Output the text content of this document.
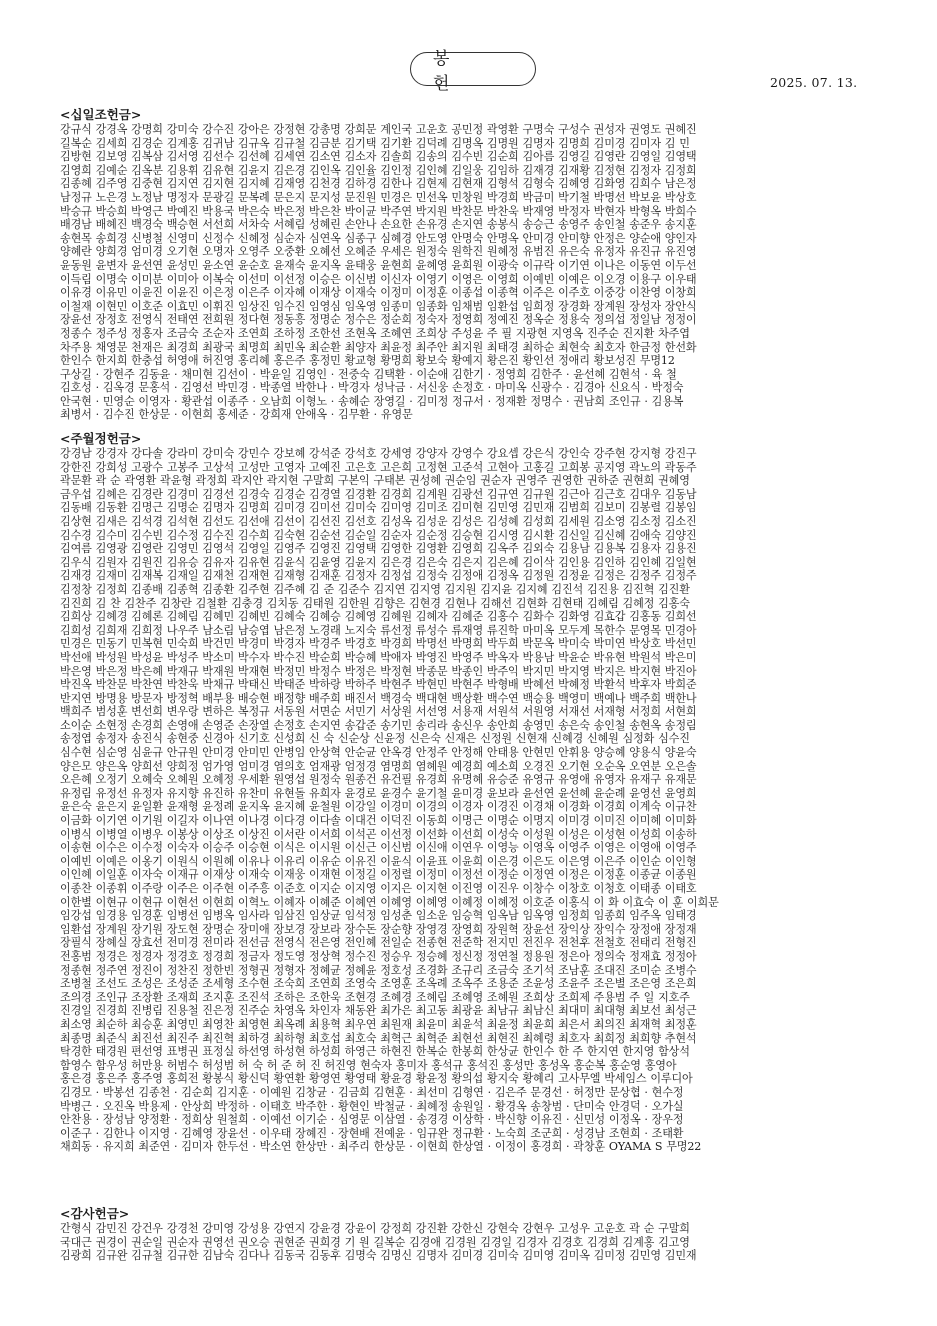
봉 헌	2025. 07. 13.
<십일조헌금>

강규식 강경옥 강명희 강미숙 강수진 강아은 강정현 강총명 강희문 계인국 고운호 공민정 곽영환 구명숙 구성수 권성자 권영도 권혜진

길복순 김세희 김경순 김계홍 김귀남 김규옥 김규철 김금분 김기택 김기환 김덕례 김명옥 김명원 김명자 김명희 김미경 김미자 김 민

김방현 김보영 김복삼 김서영 김선수 김선혜 김세연 김소연 김소자 김솔희 김송의 김수빈 김순희 김아름 김영길 김영란 김영일 김영택

김영희 김예순 김옥분 김용휘 김유현 김윤지 김은경 김인옥 김인율 김인정 김인혜 김일웅 김임하 김재경 김재황 김정현 김정자 김정희

김종혜 김주영 김중현 김지연 김지현 김지혜 김재영 김천경 김하경 김한나 김현제 김현재 김형석 김형숙 김혜영 김화영 김희수 남은정

남정규 노은경 노정남 명정자 문광길 문복례 문은지 문지성 문진원 민경은 민선옥 민창원 박경희 박금미 박기철 박명선 박보윤 박상호

박승규 박승희 박영근 박예진 박용국 박은숙 박은정 박은찬 박이균 박주연 박지원 박찬문 박찬욱 박재영 박정자 박현자 박형옥 박희수

배경남 배혜진 백경숙 백승현 서선희 서차숙 서혜림 성혜린 손안나 손요한 손유경 손지연 송봉식 송승근 송영주 송인철 송준우 송지훈

송현목 송희경 신병철 신영미 신정수 신혜정 심순자 심연옥 심종구 심혜경 안도영 안명숙 안명옥 안미경 안미향 안정은 양순애 양인자

양혜란 양희경 엄미경 오기현 오명자 오영주 오중환 오혜선 오혜준 우세은 원정숙 원학진 원혜정 유범진 유은숙 유정자 유진규 유진영

윤동원 윤변자 윤선연 윤성민 윤소연 윤순호 윤재숙 윤지옥 윤태웅 윤현희 윤혜영 윤희원 이광숙 이규락 이기연 이나은 이동연 이두선

이득림 이명숙 이미분 이미아 이복숙 이선미 이선정 이승은 이신범 이신자 이영기 이영은 이영희 이예빈 이예은 이오경 이용구 이우태

이유경 이유민 이윤진 이윤진 이은정 이은주 이자혜 이재상 이재숙 이정미 이정훈 이종섭 이종혁 이주은 이주호 이중강 이찬영 이창희

이철재 이현민 이호준 이효민 이휘진 임상진 임수진 임영심 임옥영 임종미 임종화 임채범 임환섭 임희정 장경화 장계원 장성자 장안식

장윤선 장정호 전영식 전태연 전희원 정다현 정동흥 정명순 정수은 정순희 정숙자 정영희 정예진 정옥순 정용숙 정의섭 정일남 정정이

정종수 정주성 정홍자 조금숙 조순자 조연희 조하정 조한선 조현옥 조혜연 조희상 주성윤 주 필 지광현 지영옥 진주순 진지환 차주엽

차주용 채영문 천재은 최경희 최광국 최명희 최민옥 최순환 최양자 최윤정 최주안 최지원 최태경 최하순 최현숙 최호자 한금정 한선화

한인수 한지희 한충섭 허영애 허진영 홍리혜 홍은주 홍정민 황교형 황명희 황보숙 황예지 황은진 황인선 정애리 황보성진 무명12

구상길 · 강현주 김동윤 · 채미현 김선이 · 박윤일 김영인 · 전중숙 김택환 · 이순애 김한기 · 정영희 김한주 · 윤선혜 김현석 · 육 철

김호성 · 김옥경 문홍석 · 김영선 박민경 · 박종열 박한나 · 박경자 성낙금 · 서신웅 손정호 · 마미옥 신광수 · 김경아 신요식 · 박정숙

안국현 · 민영순 이영자 · 황관섭 이종주 · 오남희 이형노 · 송혜순 장영길 · 김미정 정규서 · 정재환 정명수 · 권남희 조인규 · 김용복

최병서 · 김수진 한상문 · 이현희 홍세준 · 강희재 안애옥 · 김무환 · 유영문

<주월정헌금>

강경남 강경자 강다솔 강라미 강미숙 강민수 강보혜 강석준 강석호 강세영 강양자 강영수 강요셉 강은식 강인숙 강주현 강지형 강진구

강한진 강희성 고광수 고봉주 고상석 고성만 고영자 고예진 고은호 고은희 고정현 고준석 고현아 고홍길 고희봉 공지영 곽노의 곽동주

곽문환 곽 순 곽영환 곽윤형 곽정희 곽지안 곽지현 구말희 구본익 구태본 권성혜 권순임 권순자 권영주 권영한 권하준 권현희 권혜영

금우섭 김혜은 김경란 김경미 김경선 김경숙 김경순 김경열 김경환 김경희 김계원 김광선 김규연 김규원 김근아 김근호 김대우 김동남

김동배 김동환 김명근 김명순 김명자 김명희 김미경 김미선 김미숙 김미영 김미조 김미현 김민영 김민재 김범희 김보미 김봉렬 김봉임

김상현 김새은 김석경 김석현 김선도 김선애 김선이 김선진 김선호 김성옥 김성운 김성은 김성혜 김성희 김세원 김소영 김소정 김소진

김수경 김수미 김수빈 김수정 김수진 김수희 김숙현 김순선 김순일 김순자 김순정 김승현 김시영 김시환 김신일 김신혜 김애숙 김양진

김여름 김영광 김영란 김영민 김영석 김영일 김영주 김영진 김영택 김영한 김영환 김영희 김옥주 김외숙 김용남 김용복 김용자 김용진

김우식 김원자 김원진 김유승 김유자 김유현 김윤식 김윤영 김윤지 김은경 김은숙 김은지 김은혜 김이삭 김인용 김인하 김인혜 김일현

김재경 김재미 김재복 김재일 김재천 김재현 김재형 김재훈 김정자 김정섭 김정숙 김정애 김정옥 김정원 김정윤 김정은 김정주 김정주

김정창 김정희 김종배 김종혁 김종환 김주현 김주혜 김 준 김준수 김지연 김지영 김지원 김지윤 김지혜 김진석 김진용 김진혁 김진환

김진희 김 찬 김찬주 김창란 김철환 김충경 김치동 김태원 김한원 김향은 김현경 김현나 김해선 김현화 김현태 김혜림 김혜정 김홍숙

김희상 김혜경 김혜론 김혜림 김혜민 김혜빈 김혜숙 김혜승 김혜영 김혜원 김혜자 김혜준 김홍수 김화수 김화영 김효갑 김홍동 김희선

김희성 김희재 김희정 나우주 남소림 남승엽 남은정 노경래 노지숙 류선정 류성수 류재영 류진학 마미옥 모두계 목한수 문영목 민경아

민경은 민동기 민복현 민숙희 박건민 박경미 박경자 박경주 박경호 박경희 박명선 박명희 박두희 박문옥 박미숙 박미연 박상호 박선민

박선애 박성원 박성윤 박성주 박소미 박수자 박수진 박순희 박승혜 박애자 박영진 박영주 박옥자 박용남 박윤순 박유현 박원석 박은미

박은영 박은정 박은혜 박재규 박재원 박재현 박정민 박정수 박정은 박정현 박종문 박종인 박주익 박지민 박지영 박지은 박지현 박진아

박진옥 박찬문 박찬연 박찬욱 박채규 박태신 박태준 박하랑 박하주 박현주 박현민 박현주 박형배 박혜선 박혜정 박환석 박후자 박희준

반지연 방명용 방문자 방정혁 배부용 배승현 배정향 배주희 배진서 백경숙 백대현 백상환 백수연 백승용 백영미 백예나 백주희 백한나

백희주 범성훈 변선희 변우랑 변하은 복정규 서동원 서면순 서민기 서상원 서선영 서용재 서원석 서원영 서재선 서재형 서정희 서현희

소이순 소현정 손경희 손영애 손영준 손장열 손정호 손지연 송갑준 송기민 송리라 송신우 송안희 송영민 송은숙 송인철 송현옥 송정림

송정엽 송정자 송진식 송현중 신경아 신기호 신성희 신 숙 신순상 신윤정 신은숙 신재은 신정원 신현재 신혜경 신혜원 심정화 심수진

심수현 심순영 심윤규 안규원 안미경 안미민 안병임 안상혁 안순균 안옥경 안정주 안정해 안태용 안현민 안휘용 양승혜 양용식 양윤숙

양은모 양은옥 양희선 양희정 엄가영 엄미경 염의호 엄재광 엄정경 염명희 염혜원 예경희 예소희 오경진 오기현 오순옥 오연분 오은솔

오은혜 오정기 오혜숙 오혜원 오혜정 우세환 원영섭 원정숙 원종건 유건필 유경희 유명혜 유승준 유영규 유영애 유영자 유재구 유재문

유정림 유정선 유정자 유지향 유진하 유찬미 유현돌 유희자 윤경로 윤경수 윤기철 윤미경 윤보라 윤선연 윤선혜 윤순례 윤영선 윤영희

윤은숙 윤은지 윤일환 윤재형 윤정례 윤지옥 윤지혜 윤철원 이강일 이경미 이경의 이경자 이경진 이경채 이경화 이경희 이계숙 이규찬

이금화 이기연 이기원 이길자 이나연 이나경 이다경 이다솔 이대건 이덕진 이동희 이명근 이명순 이명지 이미경 이미진 이미혜 이미화

이병식 이병열 이병우 이봉상 이상조 이상진 이서란 이서희 이석곤 이선정 이선화 이선희 이성숙 이성원 이성은 이성현 이성희 이송하

이송현 이수은 이수정 이숙자 이승주 이승현 이식은 이시원 이신근 이신범 이신애 이연우 이영능 이영옥 이영주 이영은 이영애 이영주

이예빈 이예은 이옹기 이원식 이원혜 이유나 이유리 이유순 이유진 이윤식 이윤표 이윤희 이은경 이은도 이은영 이은주 이인순 이인형

이인혜 이일훈 이자숙 이재규 이재상 이재숙 이재웅 이재현 이정길 이정렬 이정미 이정선 이정순 이정연 이정은 이정훈 이종균 이종원

이종찬 이종휘 이주랑 이주은 이주현 이주흥 이준호 이지순 이지영 이지은 이지현 이진영 이진우 이창수 이창호 이청호 이태종 이태호

이한별 이현규 이현규 이현선 이현희 이혁노 이혜자 이혜준 이혜연 이혜영 이혜영 이혜정 이혜정 이호준 이홍식 이 화 이효숙 이 훈 이희문

임강섭 임경용 임경훈 임병선 임병옥 임사라 임삼진 임상균 임석정 임성춘 임소운 임승혁 임옥남 임옥영 임정희 임종희 임주옥 임태경

임환섭 장계원 장기원 장도현 장명순 장미애 장보경 장보라 장수돈 장순향 장영경 장영희 장원혁 장윤선 장익상 장익수 장정애 장정재

장필식 장혜실 장효선 전미경 전미라 전선금 전영식 전은영 전인혜 전일순 전종현 전준학 전지민 전진우 전천후 전철호 전태리 전형진

전홍범 정경은 정경자 정경호 정경희 정금자 정도영 정상혁 정수진 정승우 정승혜 정신정 정연철 정용원 정은아 정의숙 정재효 정정아

정종현 정주연 정진이 정찬진 정한빈 정형권 정형자 정혜균 정혜윤 정호성 조경화 조규리 조금숙 조기석 조남훈 조대진 조미순 조병수

조병철 조선도 조성은 조성준 조세형 조수현 조숙희 조연희 조영숙 조영훈 조옥례 조옥주 조용준 조윤성 조윤주 조은별 조은영 조은희

조의경 조인규 조장환 조재희 조지훈 조진석 조하은 조한욱 조현경 조혜경 조혜림 조혜영 조혜원 조희상 조희제 주용범 주 일 지호주

진경일 진경희 진병림 진용철 진은정 진주순 차영옥 차인자 채동완 최가은 최고동 최광윤 최남규 최남신 최대미 최대형 최보선 최성근

최소영 최순하 최승훈 최영민 최영찬 최영현 최옥례 최용혁 최우연 최원재 최윤미 최윤석 최윤정 최윤희 최은서 최의진 최재혁 최정훈

최종명 최준식 최진선 최진주 최진혁 최하경 최하형 최호섭 최호숙 최혁근 최혁준 최현선 최현진 최혜령 최호자 최희정 최희향 추현석

탁경한 태경원 편선영 표병권 표정실 하선영 하성현 하성희 하영근 하현진 한복순 한봉희 한상균 한인수 한 주 한지연 한지영 함상석

함영수 함우성 허만용 허범수 허성범 허 숙 허 준 허 진 허진영 현숙자 홍미자 홍석규 홍석진 홍성만 홍성옥 홍순복 홍순영 홍영아

홍은경 홍은주 홍주영 홍희전 황봉식 황신덕 황연환 황영연 황영태 황윤경 황윤정 황의섭 황지숙 황혜리 고사무엘 박세임스 이루디아

김경모 · 박봉선 김종천 · 김순희 김지훈 · 이예원 김창균 · 김금희 김현훈 · 최선미 김형연 · 김은주 문경선 · 허정만 문상협 · 현수정

박병근 · 오진옥 박용제 · 안상희 박정하 · 이태호 박주한 · 황현인 박철균 · 최혜정 송원일 · 황경옥 송창범 · 단미숙 안경덕 · 오가실

안찬용 · 장성남 양정환 · 정희상 원철희 · 이예선 이기순 · 심영문 이삼열 · 송경경 이상학 · 박신향 이유진 · 신민성 이정옥 · 장우정

이준구 · 김한나 이지영 · 김혜영 장윤선 · 이우태 장혜진 · 장현배 전예윤 · 임규완 정규환 · 노숙희 조군희 · 성경남 조현희 · 조태환

채희동 · 유지희 최준연 · 김미자 한두선 · 박소연 한상만 · 최주리 한상문 · 이현희 한상열 · 이정이 홍경희 · 곽창훈 OYAMA S 무명22

<감사헌금>

간형식 감민진 강건우 강경천 강미영 강성용 강연지 강윤경 강윤이 강정희 강진환 강한신 강현숙 강현우 고성우 고운호 곽 순 구말희

국대근 권경이 권순일 권순자 권영선 권오승 권현준 권희경 기 원 길복순 김경애 김경원 김경일 김경자 김경호 김경희 김계홍 김고영

김광희 김규완 김규철 김규한 김남숙 김다나 김동국 김동후 김명숙 김명신 김명자 김미경 김미숙 김미영 김미옥 김미정 김민영 김민재
